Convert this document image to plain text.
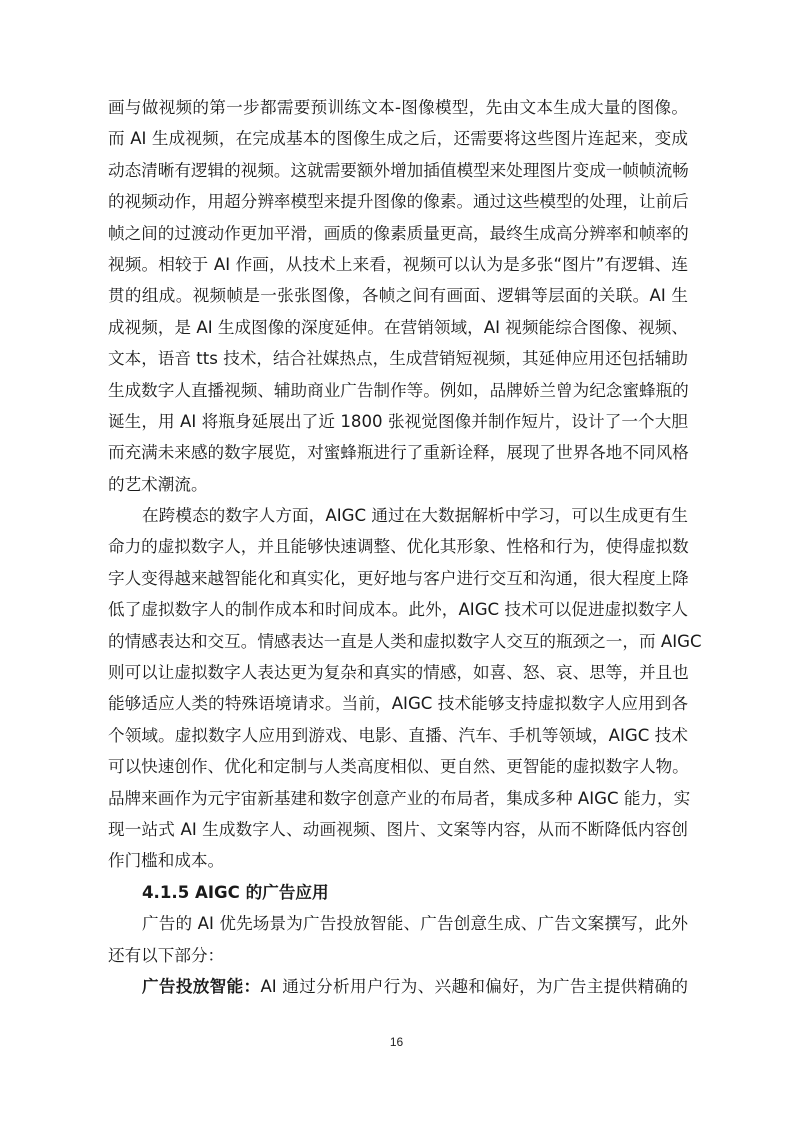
画与做视频的第一步都需要预训练文本-图像模型，先由文本生成大量的图像。
而 AI 生成视频，在完成基本的图像生成之后，还需要将这些图片连起来，变成
动态清晰有逻辑的视频。这就需要额外增加插值模型来处理图片变成一帧帧流畅
的视频动作，用超分辨率模型来提升图像的像素。通过这些模型的处理，让前后
帧之间的过渡动作更加平滑，画质的像素质量更高，最终生成高分辨率和帧率的
视频。相较于 AI 作画，从技术上来看，视频可以认为是多张“图片”有逻辑、连
贯的组成。视频帧是一张张图像，各帧之间有画面、逻辑等层面的关联。AI 生
成视频，是 AI 生成图像的深度延伸。在营销领域，AI 视频能综合图像、视频、
文本，语音 tts 技术，结合社媒热点，生成营销短视频，其延伸应用还包括辅助
生成数字人直播视频、辅助商业广告制作等。例如，品牌娇兰曾为纪念蜜蜂瓶的
诞生，用 AI 将瓶身延展出了近 1800 张视觉图像并制作短片，设计了一个大胆
而充满未来感的数字展览，对蜜蜂瓶进行了重新诠释，展现了世界各地不同风格
的艺术潮流。
在跨模态的数字人方面，AIGC 通过在大数据解析中学习，可以生成更有生
命力的虚拟数字人，并且能够快速调整、优化其形象、性格和行为，使得虚拟数
字人变得越来越智能化和真实化，更好地与客户进行交互和沟通，很大程度上降
低了虚拟数字人的制作成本和时间成本。此外，AIGC 技术可以促进虚拟数字人
的情感表达和交互。情感表达一直是人类和虚拟数字人交互的瓶颈之一，而 AIGC
则可以让虚拟数字人表达更为复杂和真实的情感，如喜、怒、哀、思等，并且也
能够适应人类的特殊语境请求。当前，AIGC 技术能够支持虚拟数字人应用到各
个领域。虚拟数字人应用到游戏、电影、直播、汽车、手机等领域，AIGC 技术
可以快速创作、优化和定制与人类高度相似、更自然、更智能的虚拟数字人物。
品牌来画作为元宇宙新基建和数字创意产业的布局者，集成多种 AIGC 能力，实
现一站式 AI 生成数字人、动画视频、图片、文案等内容，从而不断降低内容创
作门槛和成本。
4.1.5 AIGC 的广告应用
广告的 AI 优先场景为广告投放智能、广告创意生成、广告文案撰写，此外
还有以下部分：
广告投放智能：AI 通过分析用户行为、兴趣和偏好，为广告主提供精确的
16
